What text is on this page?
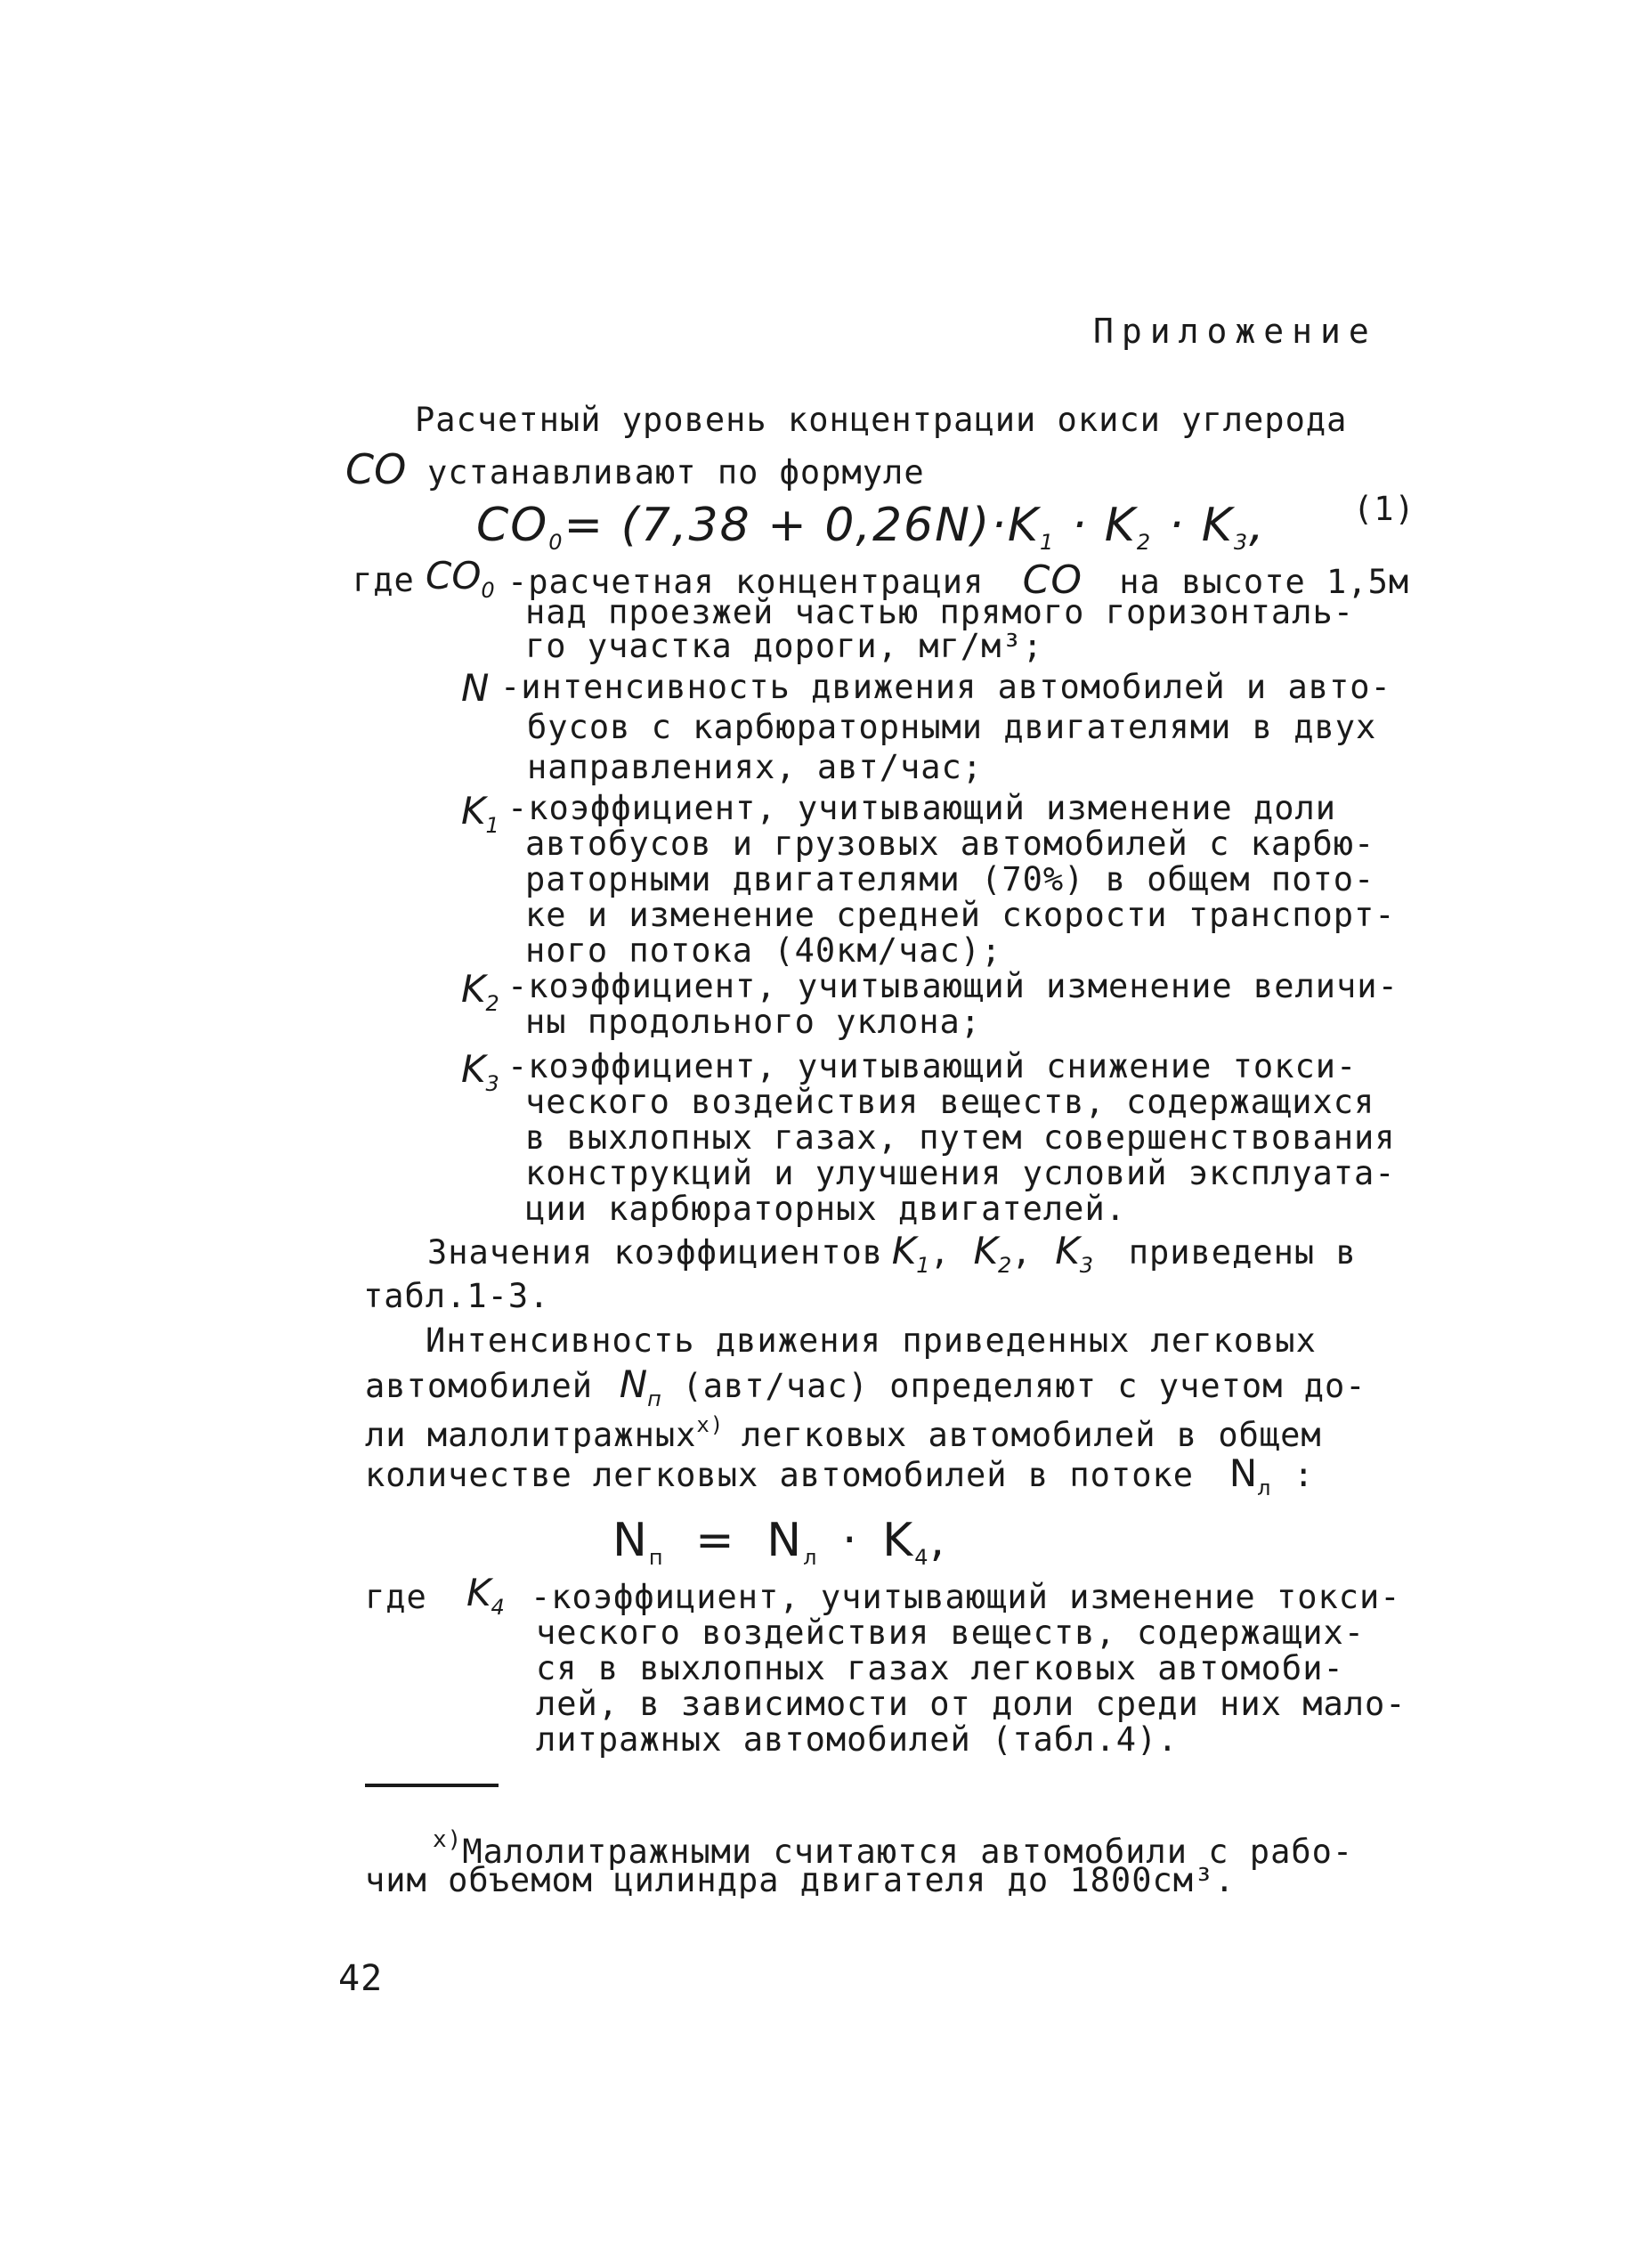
Приложение
Расчетный уровень концентрации окиси углерода
СО устанавливают по формуле
$СО_0= (7,38 + 0,26N)\cdot K_1 \cdot K_2 \cdot K_3$,	(1)
где $СО_0$ -расчетная концентрация СО на высоте 1,5м
над проезжей частью прямого горизонталь-
го участка дороги, мг/м³;
N -интенсивность движения автомобилей и авто-
бусов с карбюраторными двигателями в двух
направлениях, авт/час;
$K_1$ -коэффициент, учитывающий изменение доли
автобусов и грузовых автомобилей с карбю-
раторными двигателями (70%) в общем пото-
ке и изменение средней скорости транспорт-
ного потока (40км/час);
$K_2$ -коэффициент, учитывающий изменение величи-
ны продольного уклона;
$K_3$ -коэффициент, учитывающий снижение токси-
ческого воздействия веществ, содержащихся
в выхлопных газах, путем совершенствования
конструкций и улучшения условий эксплуата-
ции карбюраторных двигателей.
Значения коэффициентов $K_1$, $K_2$, $K_3$ приведены в
табл.1-3.
Интенсивность движения приведенных легковых
автомобилей $N_п$ (авт/час) определяют с учетом до-
ли малолитражныхx) легковых автомобилей в общем
количестве легковых автомобилей в потоке $N_л$ :
$N_п = N_л \cdot K_4$,
где $K_4$ -коэффициент, учитывающий изменение токси-
ческого воздействия веществ, содержащих-
ся в выхлопных газах легковых автомоби-
лей, в зависимости от доли среди них мало-
литражных автомобилей (табл.4).
x)Малолитражными считаются автомобили с рабо-
чим объемом цилиндра двигателя до 1800см³.
42
